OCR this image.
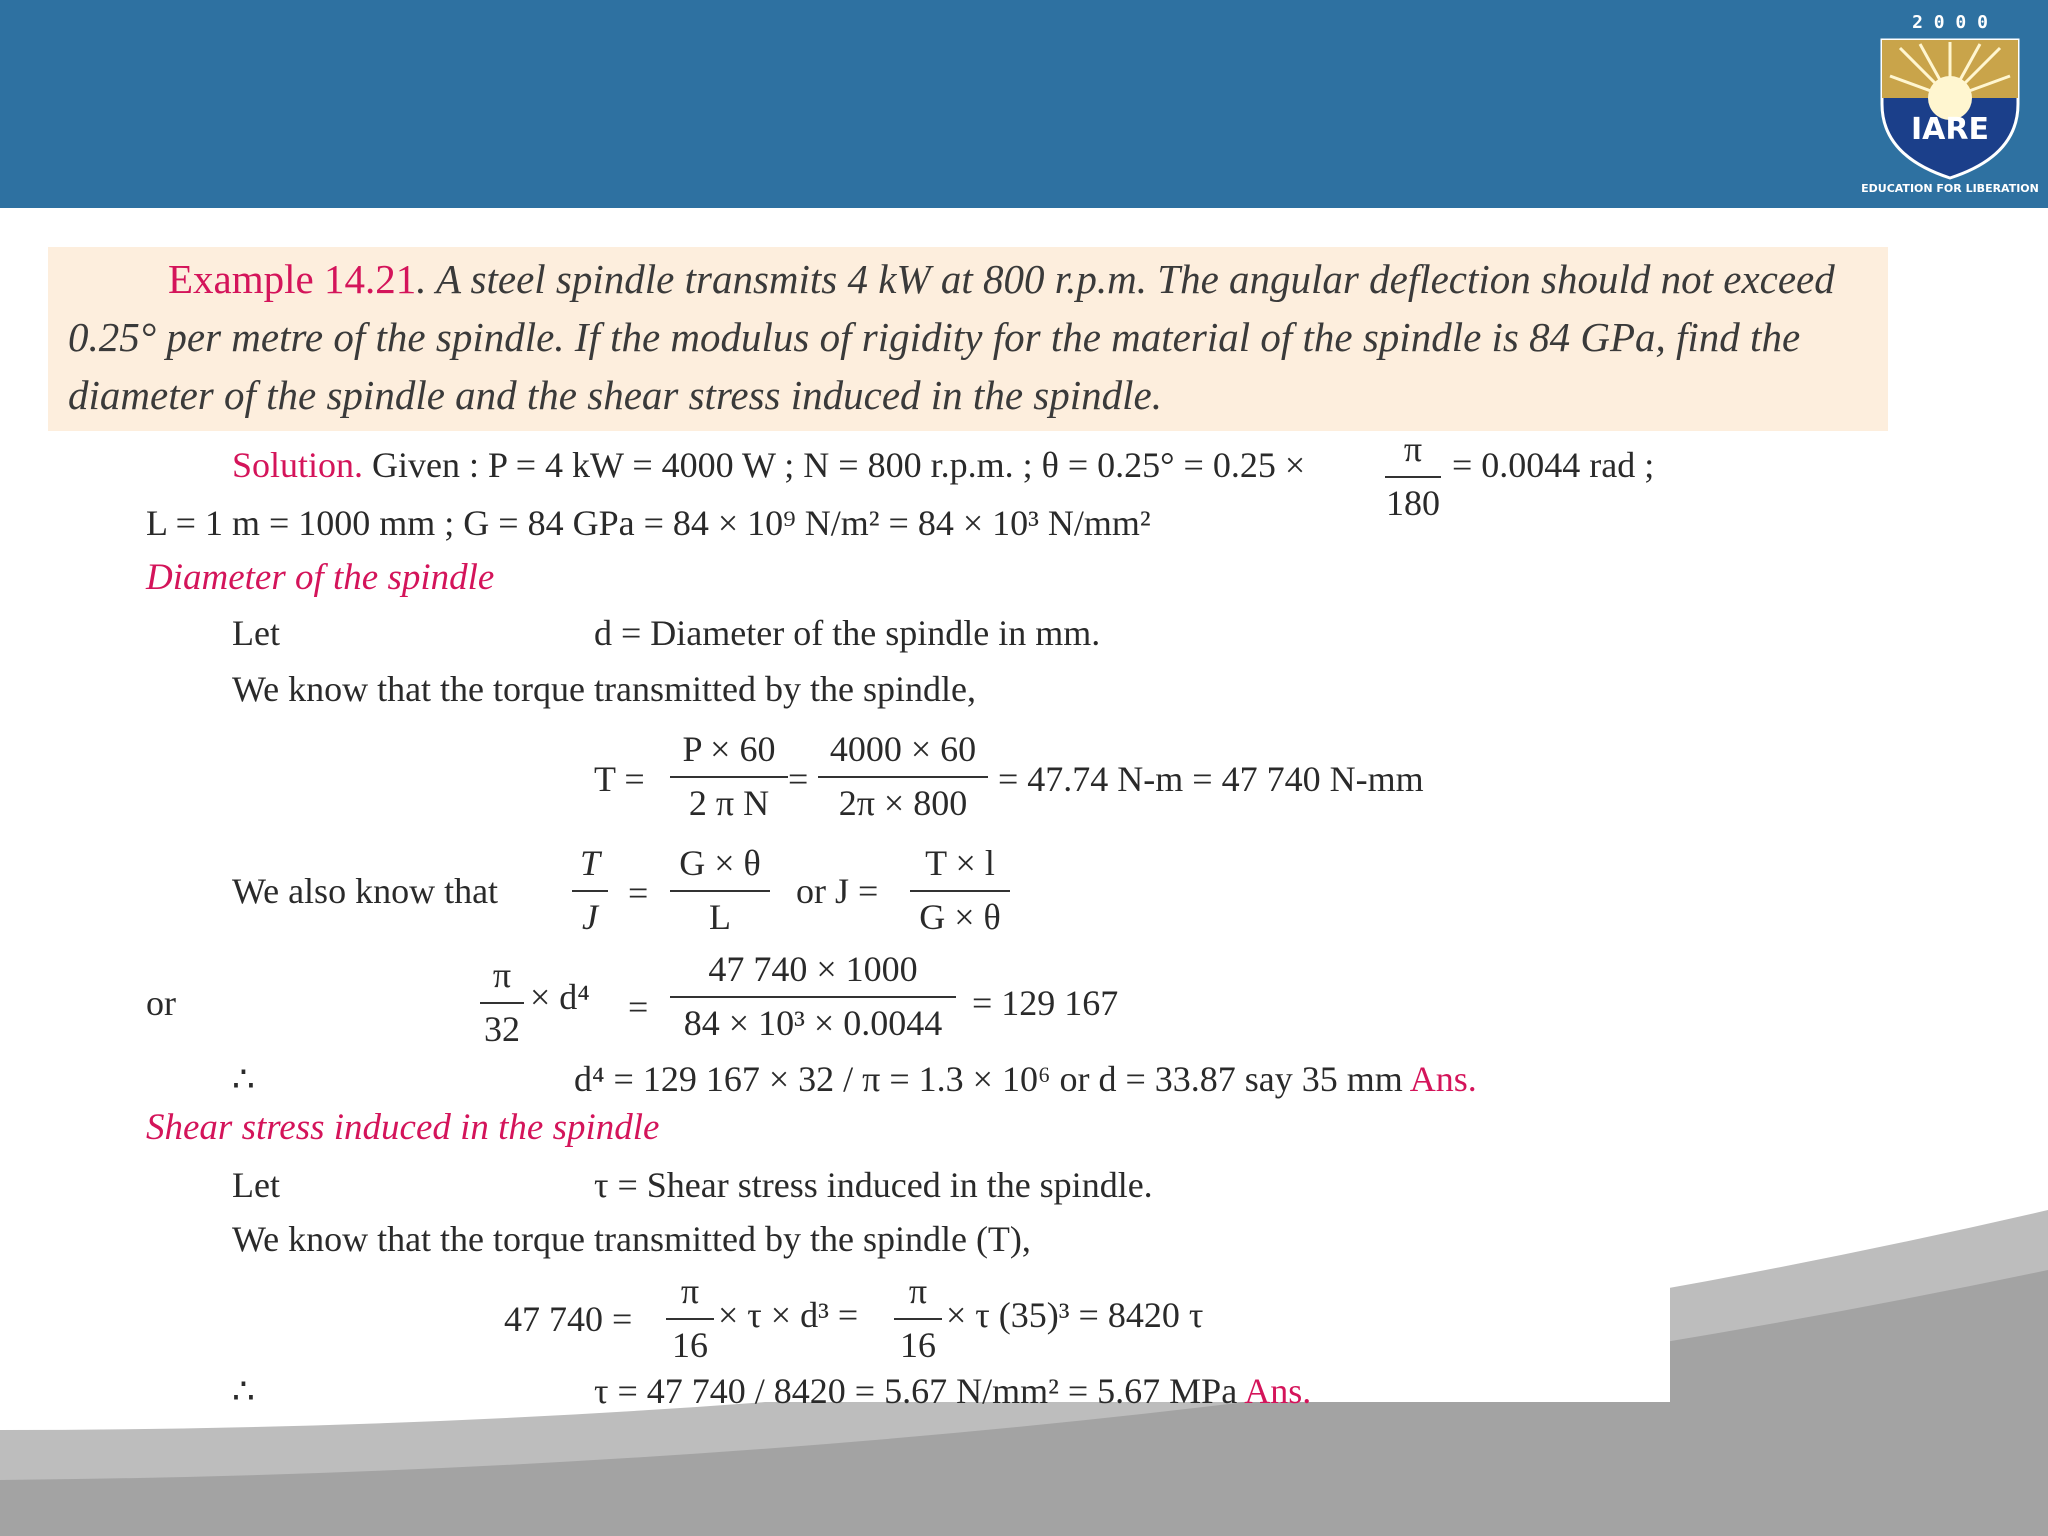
2 0 0 0
IARE
EDUCATION FOR LIBERATION
Example 14.21. A steel spindle transmits 4 kW at 800 r.p.m. The angular deflection should not exceed 0.25° per metre of the spindle. If the modulus of rigidity for the material of the spindle is 84 GPa, find the diameter of the spindle and the shear stress induced in the spindle.
Solution. Given : P = 4 kW = 4000 W ; N = 800 r.p.m. ; θ = 0.25° = 0.25 ×	π
180
= 0.0044 rad ;
L = 1 m = 1000 mm ; G = 84 GPa = 84 × 10⁹ N/m² = 84 × 10³ N/mm²
Diameter of the spindle
Let	d = Diameter of the spindle in mm.
We know that the torque transmitted by the spindle,
T =
P × 60
2 π N
=
4000 × 60
2π × 800
= 47.74 N-m = 47 740 N-mm
We also know that
T
J
=
G × θ
L
or J =
T × l
G × θ
or
π
32
× d⁴ =
47 740 × 1000
84 × 10³ × 0.0044 = 129 167
∴	d⁴ = 129 167 × 32 / π = 1.3 × 10⁶ or d = 33.87 say 35 mm Ans.
Shear stress induced in the spindle
Let	τ = Shear stress induced in the spindle.
We know that the torque transmitted by the spindle (T),
47 740 =
π
16
× τ × d³ =
π
16
× τ (35)³ = 8420 τ
∴	τ = 47 740 / 8420 = 5.67 N/mm² = 5.67 MPa Ans.
